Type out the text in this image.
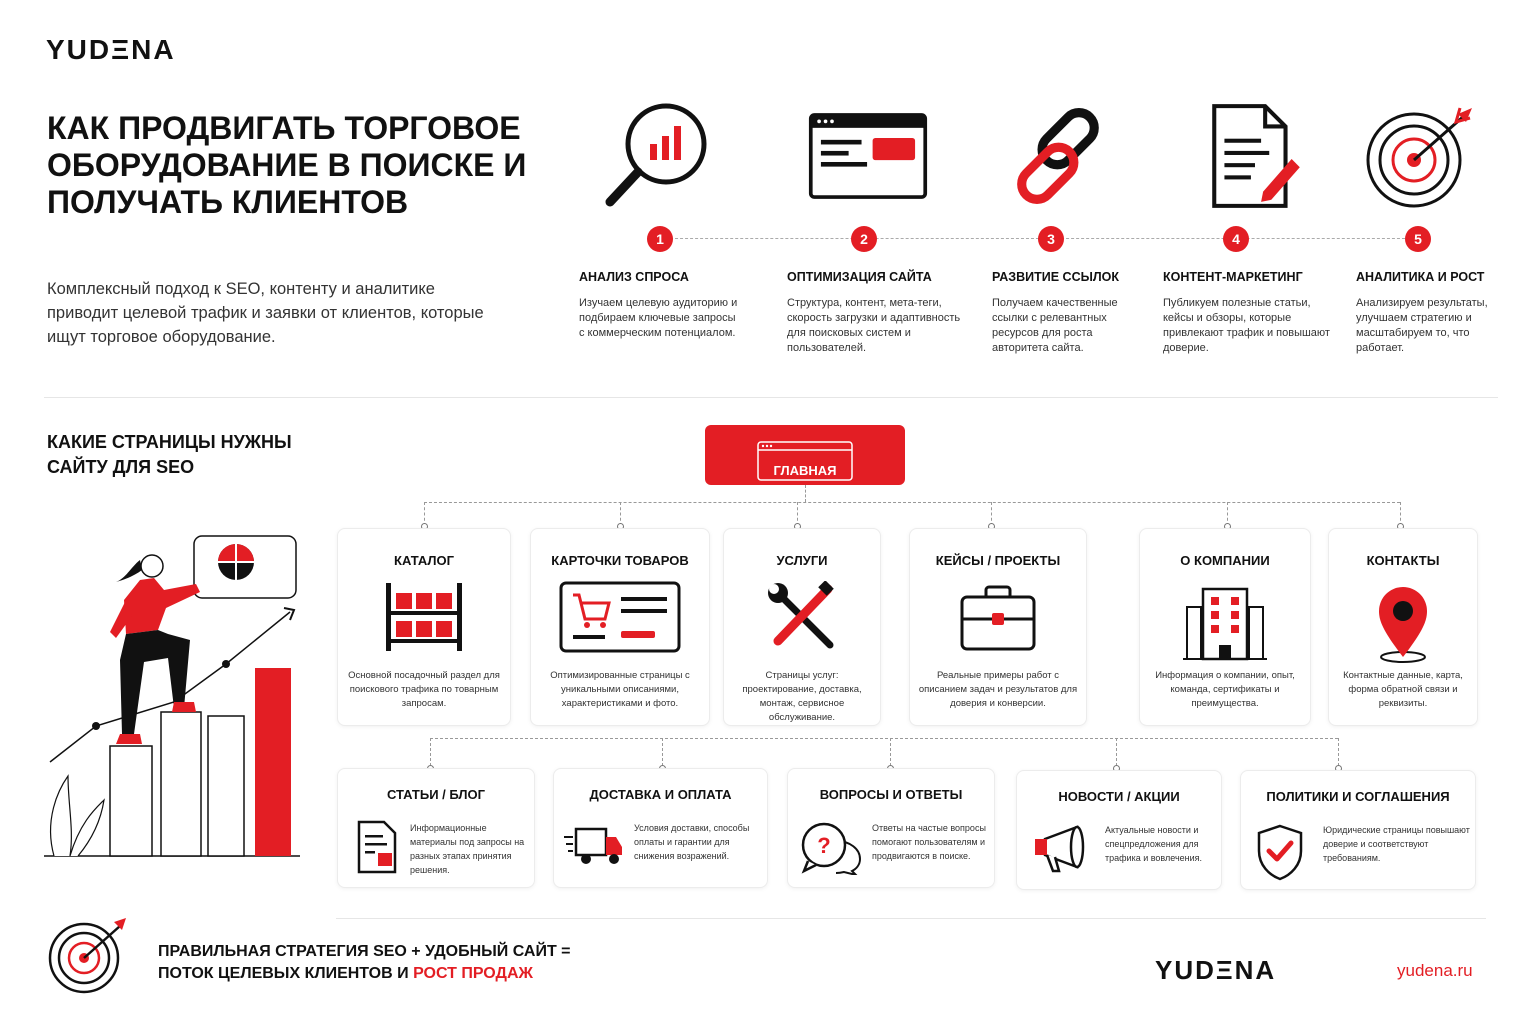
YUDΞNA
КАК ПРОДВИГАТЬ ТОРГОВОЕ ОБОРУДОВАНИЕ В ПОИСКЕ И ПОЛУЧАТЬ КЛИЕНТОВ
Комплексный подход к SEO, контенту и аналитике приводит целевой трафик и заявки от клиентов, которые ищут торговое оборудование.
1	2	3	4	5
АНАЛИЗ СПРОСА	ОПТИМИЗАЦИЯ САЙТА	РАЗВИТИЕ ССЫЛОК	КОНТЕНТ-МАРКЕТИНГ	АНАЛИТИКА И РОСТ
Изучаем целевую аудиторию и подбираем ключевые запросы с коммерческим потенциалом.
Структура, контент, мета-теги, скорость загрузки и адаптивность для поисковых систем и пользователей.
Получаем качественные ссылки с релевантных ресурсов для роста авторитета сайта.
Публикуем полезные статьи, кейсы и обзоры, которые привлекают трафик и повышают доверие.
Анализируем результаты, улучшаем стратегию и масштабируем то, что работает.
КАКИЕ СТРАНИЦЫ НУЖНЫ САЙТУ ДЛЯ SEO	ГЛАВНАЯ
КАТАЛОГ
Основной посадочный раздел для поискового трафика по товарным запросам.
КАРТОЧКИ ТОВАРОВ
Оптимизированные страницы с уникальными описаниями, характеристиками и фото.
УСЛУГИ
Страницы услуг: проектирование, доставка, монтаж, сервисное обслуживание.
КЕЙСЫ / ПРОЕКТЫ
Реальные примеры работ с описанием задач и результатов для доверия и конверсии.
О КОМПАНИИ
Информация о компании, опыт, команда, сертификаты и преимущества.
КОНТАКТЫ
Контактные данные, карта, форма обратной связи и реквизиты.
СТАТЬИ / БЛОГ
Информационные материалы под запросы на разных этапах принятия решения.
ДОСТАВКА И ОПЛАТА
Условия доставки, способы оплаты и гарантии для снижения возражений.
ВОПРОСЫ И ОТВЕТЫ
?
Ответы на частые вопросы помогают пользователям и продвигаются в поиске.
НОВОСТИ / АКЦИИ
Актуальные новости и спецпредложения для трафика и вовлечения.
ПОЛИТИКИ И СОГЛАШЕНИЯ
Юридические страницы повышают доверие и соответствуют требованиям.
ПРАВИЛЬНАЯ СТРАТЕГИЯ SEO + УДОБНЫЙ САЙТ =
ПОТОК ЦЕЛЕВЫХ КЛИЕНТОВ И РОСТ ПРОДАЖ	YUDΞNA	yudena.ru
